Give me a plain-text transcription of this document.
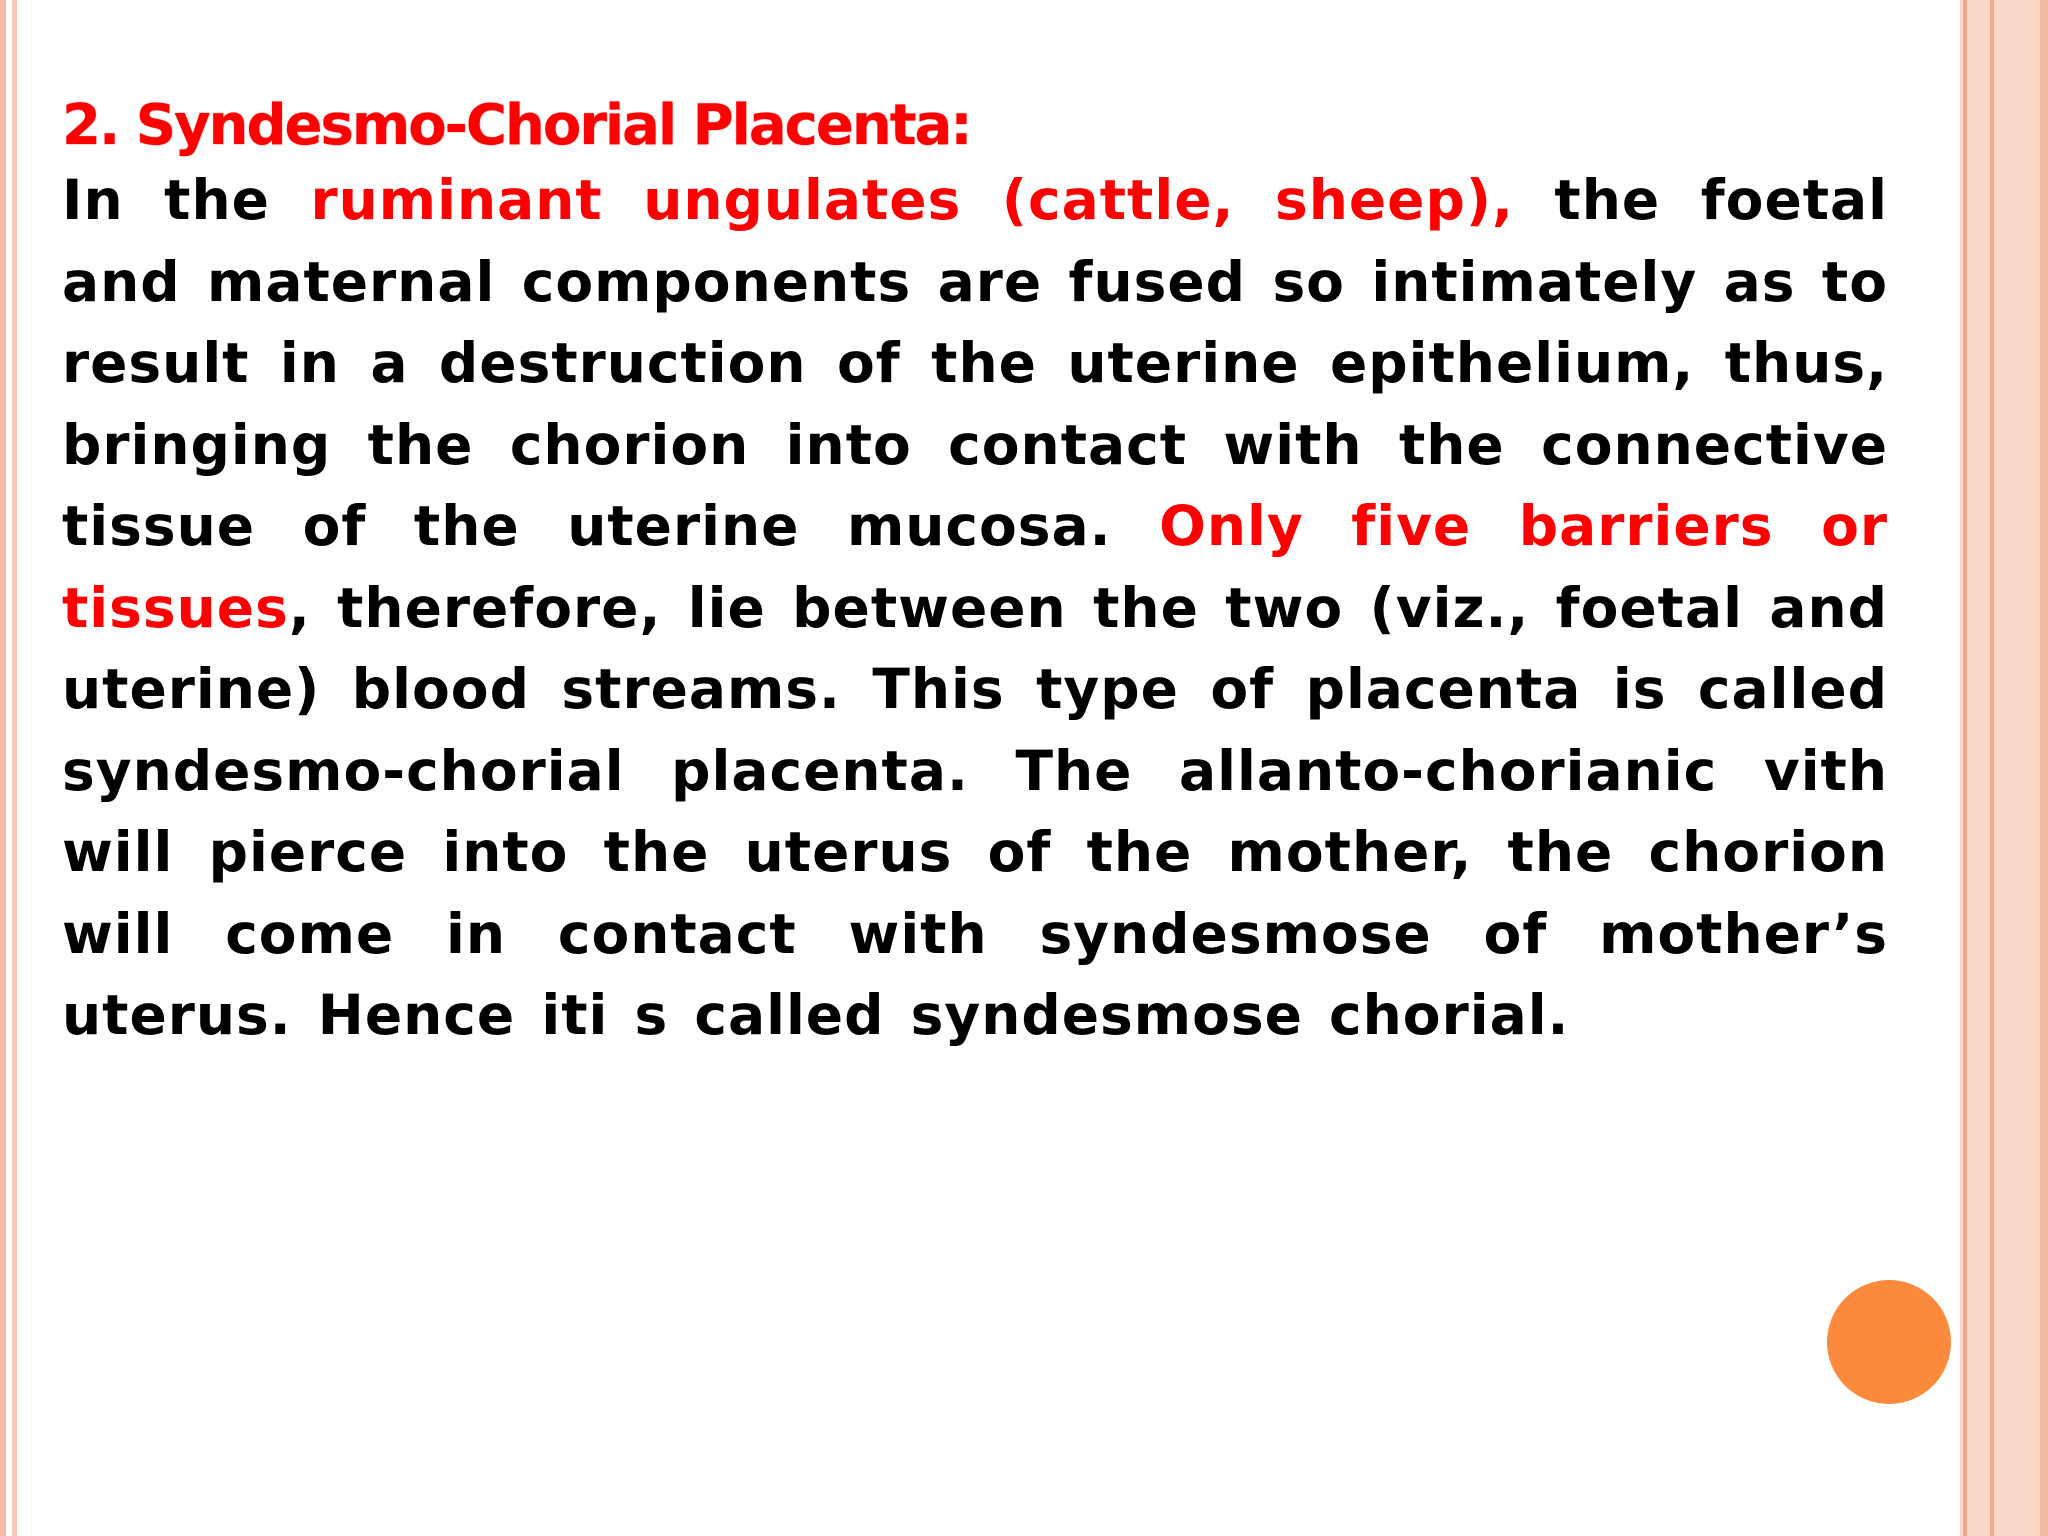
2. Syndesmo-Chorial Placenta:

In the ruminant ungulates (cattle, sheep), the foetal and maternal components are fused so intimately as to result in a destruction of the uterine epithelium, thus, bringing the chorion into contact with the connective tissue of the uterine mucosa. Only five barriers or tissues, therefore, lie between the two (viz., foetal and uterine) blood streams. This type of placenta is called syndesmo-chorial placenta. The allanto-chorianic vith will pierce into the uterus of the mother, the chorion will come in contact with syndesmose of mother’s uterus. Hence iti s called syndesmose chorial.
